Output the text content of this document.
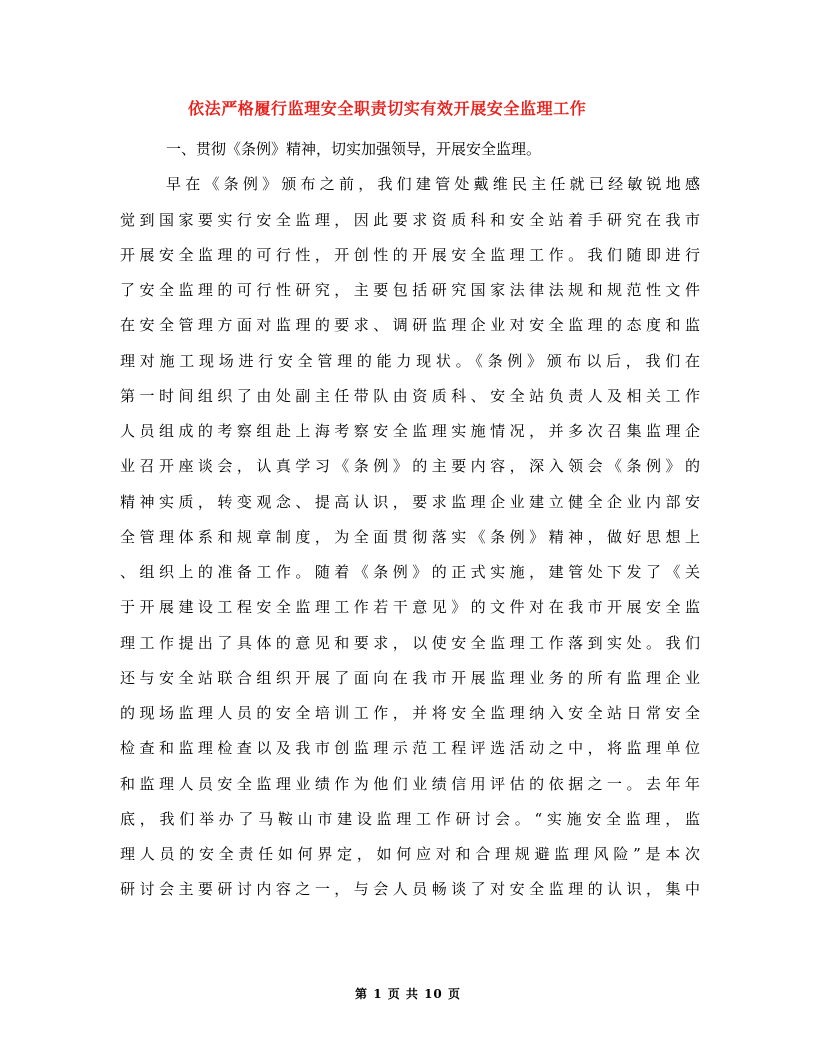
依法严格履行监理安全职责切实有效开展安全监理工作
一、贯彻《条例》精神，切实加强领导，开展安全监理。
早在《条例》颁布之前，我们建管处戴维民主任就已经敏锐地感
觉到国家要实行安全监理，因此要求资质科和安全站着手研究在我市
开展安全监理的可行性，开创性的开展安全监理工作。我们随即进行
了安全监理的可行性研究，主要包括研究国家法律法规和规范性文件
在安全管理方面对监理的要求、调研监理企业对安全监理的态度和监
理对施工现场进行安全管理的能力现状。《条例》颁布以后，我们在
第一时间组织了由处副主任带队由资质科、安全站负责人及相关工作
人员组成的考察组赴上海考察安全监理实施情况，并多次召集监理企
业召开座谈会，认真学习《条例》的主要内容，深入领会《条例》的
精神实质，转变观念、提高认识，要求监理企业建立健全企业内部安
全管理体系和规章制度，为全面贯彻落实《条例》精神，做好思想上
、组织上的准备工作。随着《条例》的正式实施，建管处下发了《关
于开展建设工程安全监理工作若干意见》的文件对在我市开展安全监
理工作提出了具体的意见和要求，以使安全监理工作落到实处。我们
还与安全站联合组织开展了面向在我市开展监理业务的所有监理企业
的现场监理人员的安全培训工作，并将安全监理纳入安全站日常安全
检查和监理检查以及我市创监理示范工程评选活动之中，将监理单位
和监理人员安全监理业绩作为他们业绩信用评估的依据之一。去年年
底，我们举办了马鞍山市建设监理工作研讨会。“实施安全监理，监
理人员的安全责任如何界定，如何应对和合理规避监理风险”是本次
研讨会主要研讨内容之一，与会人员畅谈了对安全监理的认识，集中
第 1 页 共 10 页
